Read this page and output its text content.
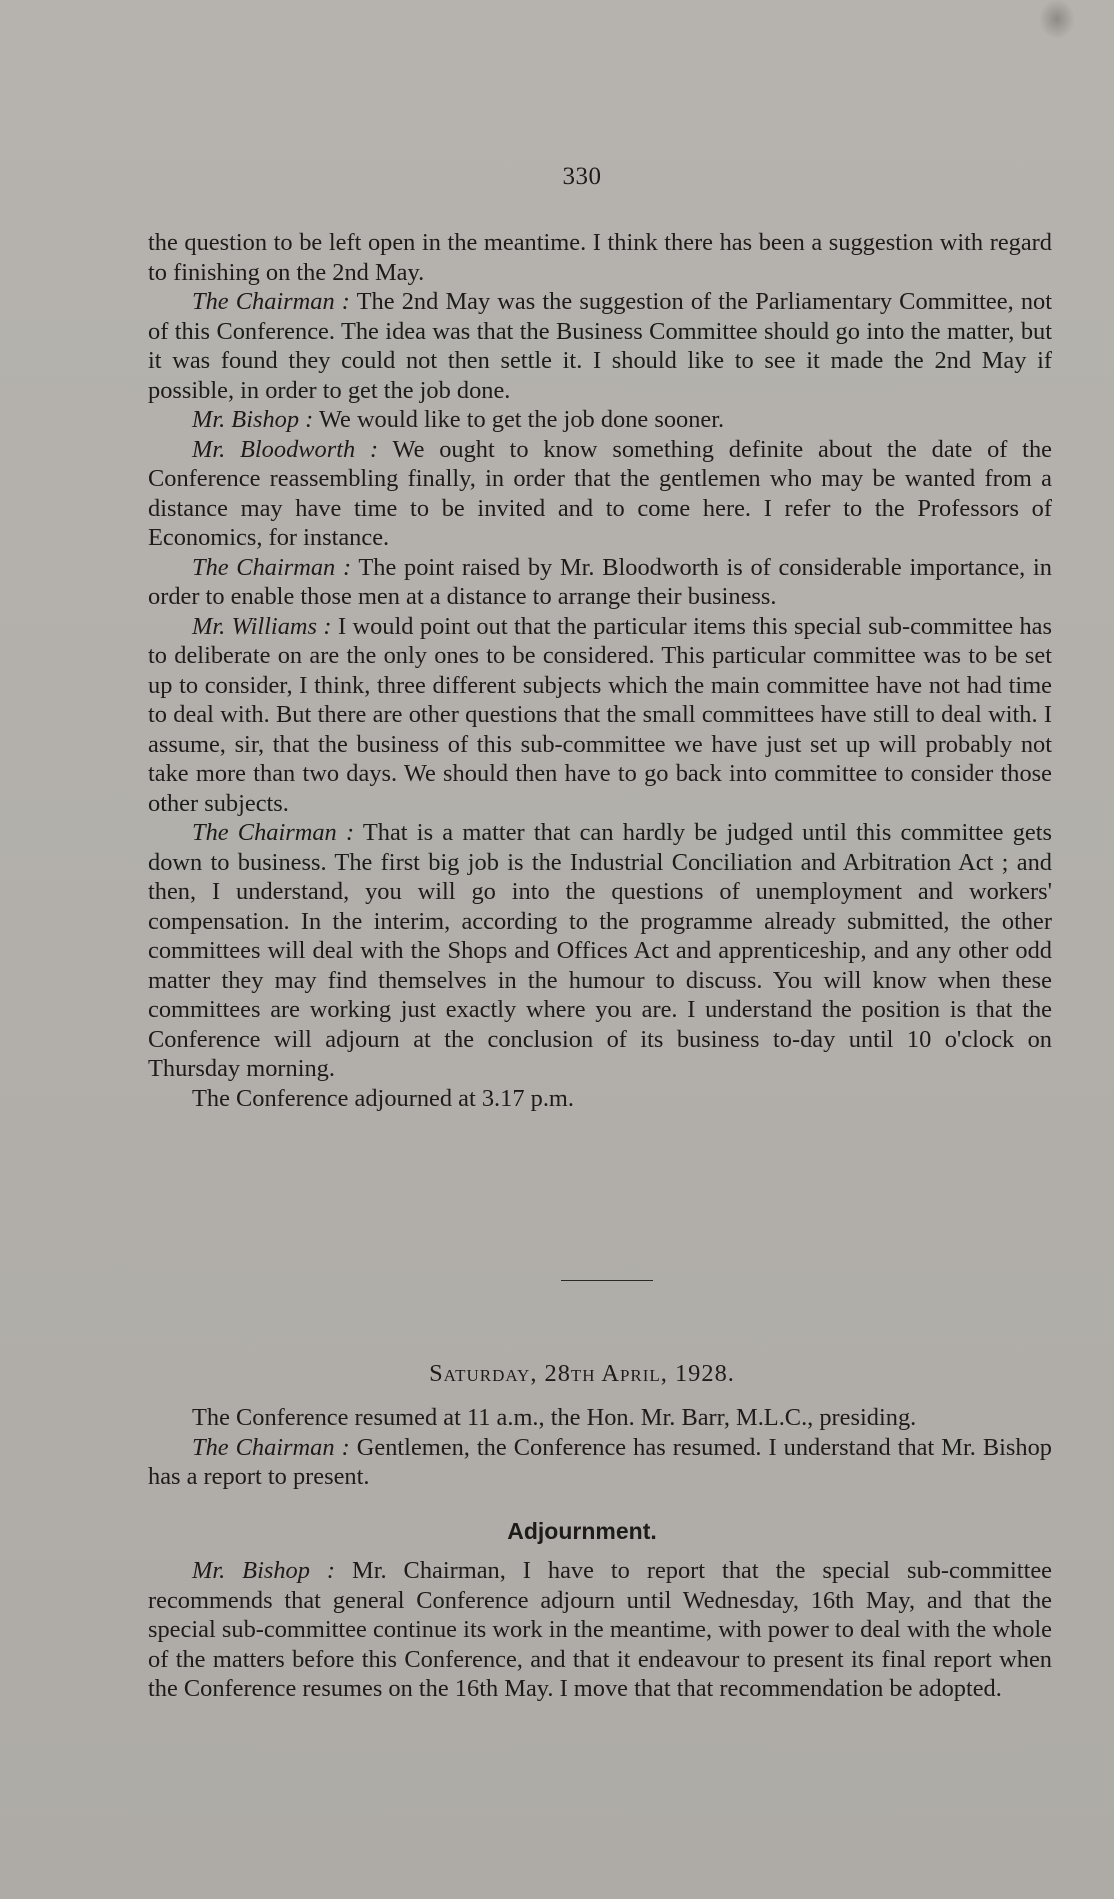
330

the question to be left open in the meantime. I think there has been a suggestion with regard to finishing on the 2nd May.

The Chairman : The 2nd May was the suggestion of the Parliamentary Committee, not of this Conference. The idea was that the Business Committee should go into the matter, but it was found they could not then settle it. I should like to see it made the 2nd May if possible, in order to get the job done.

Mr. Bishop : We would like to get the job done sooner.

Mr. Bloodworth : We ought to know something definite about the date of the Conference reassembling finally, in order that the gentlemen who may be wanted from a distance may have time to be invited and to come here. I refer to the Professors of Economics, for instance.

The Chairman : The point raised by Mr. Bloodworth is of considerable importance, in order to enable those men at a distance to arrange their business.

Mr. Williams : I would point out that the particular items this special sub-committee has to deliberate on are the only ones to be considered. This particular committee was to be set up to consider, I think, three different subjects which the main committee have not had time to deal with. But there are other questions that the small committees have still to deal with. I assume, sir, that the business of this sub-committee we have just set up will probably not take more than two days. We should then have to go back into committee to consider those other subjects.

The Chairman : That is a matter that can hardly be judged until this committee gets down to business. The first big job is the Industrial Conciliation and Arbitration Act ; and then, I understand, you will go into the questions of unemployment and workers' compensation. In the interim, according to the programme already submitted, the other committees will deal with the Shops and Offices Act and apprenticeship, and any other odd matter they may find themselves in the humour to discuss. You will know when these committees are working just exactly where you are. I understand the position is that the Conference will adjourn at the conclusion of its business to-day until 10 o'clock on Thursday morning.

The Conference adjourned at 3.17 p.m.

Saturday, 28th April, 1928.

The Conference resumed at 11 a.m., the Hon. Mr. Barr, M.L.C., presiding.

The Chairman : Gentlemen, the Conference has resumed. I understand that Mr. Bishop has a report to present.

Adjournment.

Mr. Bishop : Mr. Chairman, I have to report that the special sub-committee recommends that general Conference adjourn until Wednesday, 16th May, and that the special sub-committee continue its work in the meantime, with power to deal with the whole of the matters before this Conference, and that it endeavour to present its final report when the Conference resumes on the 16th May. I move that that recommendation be adopted.
